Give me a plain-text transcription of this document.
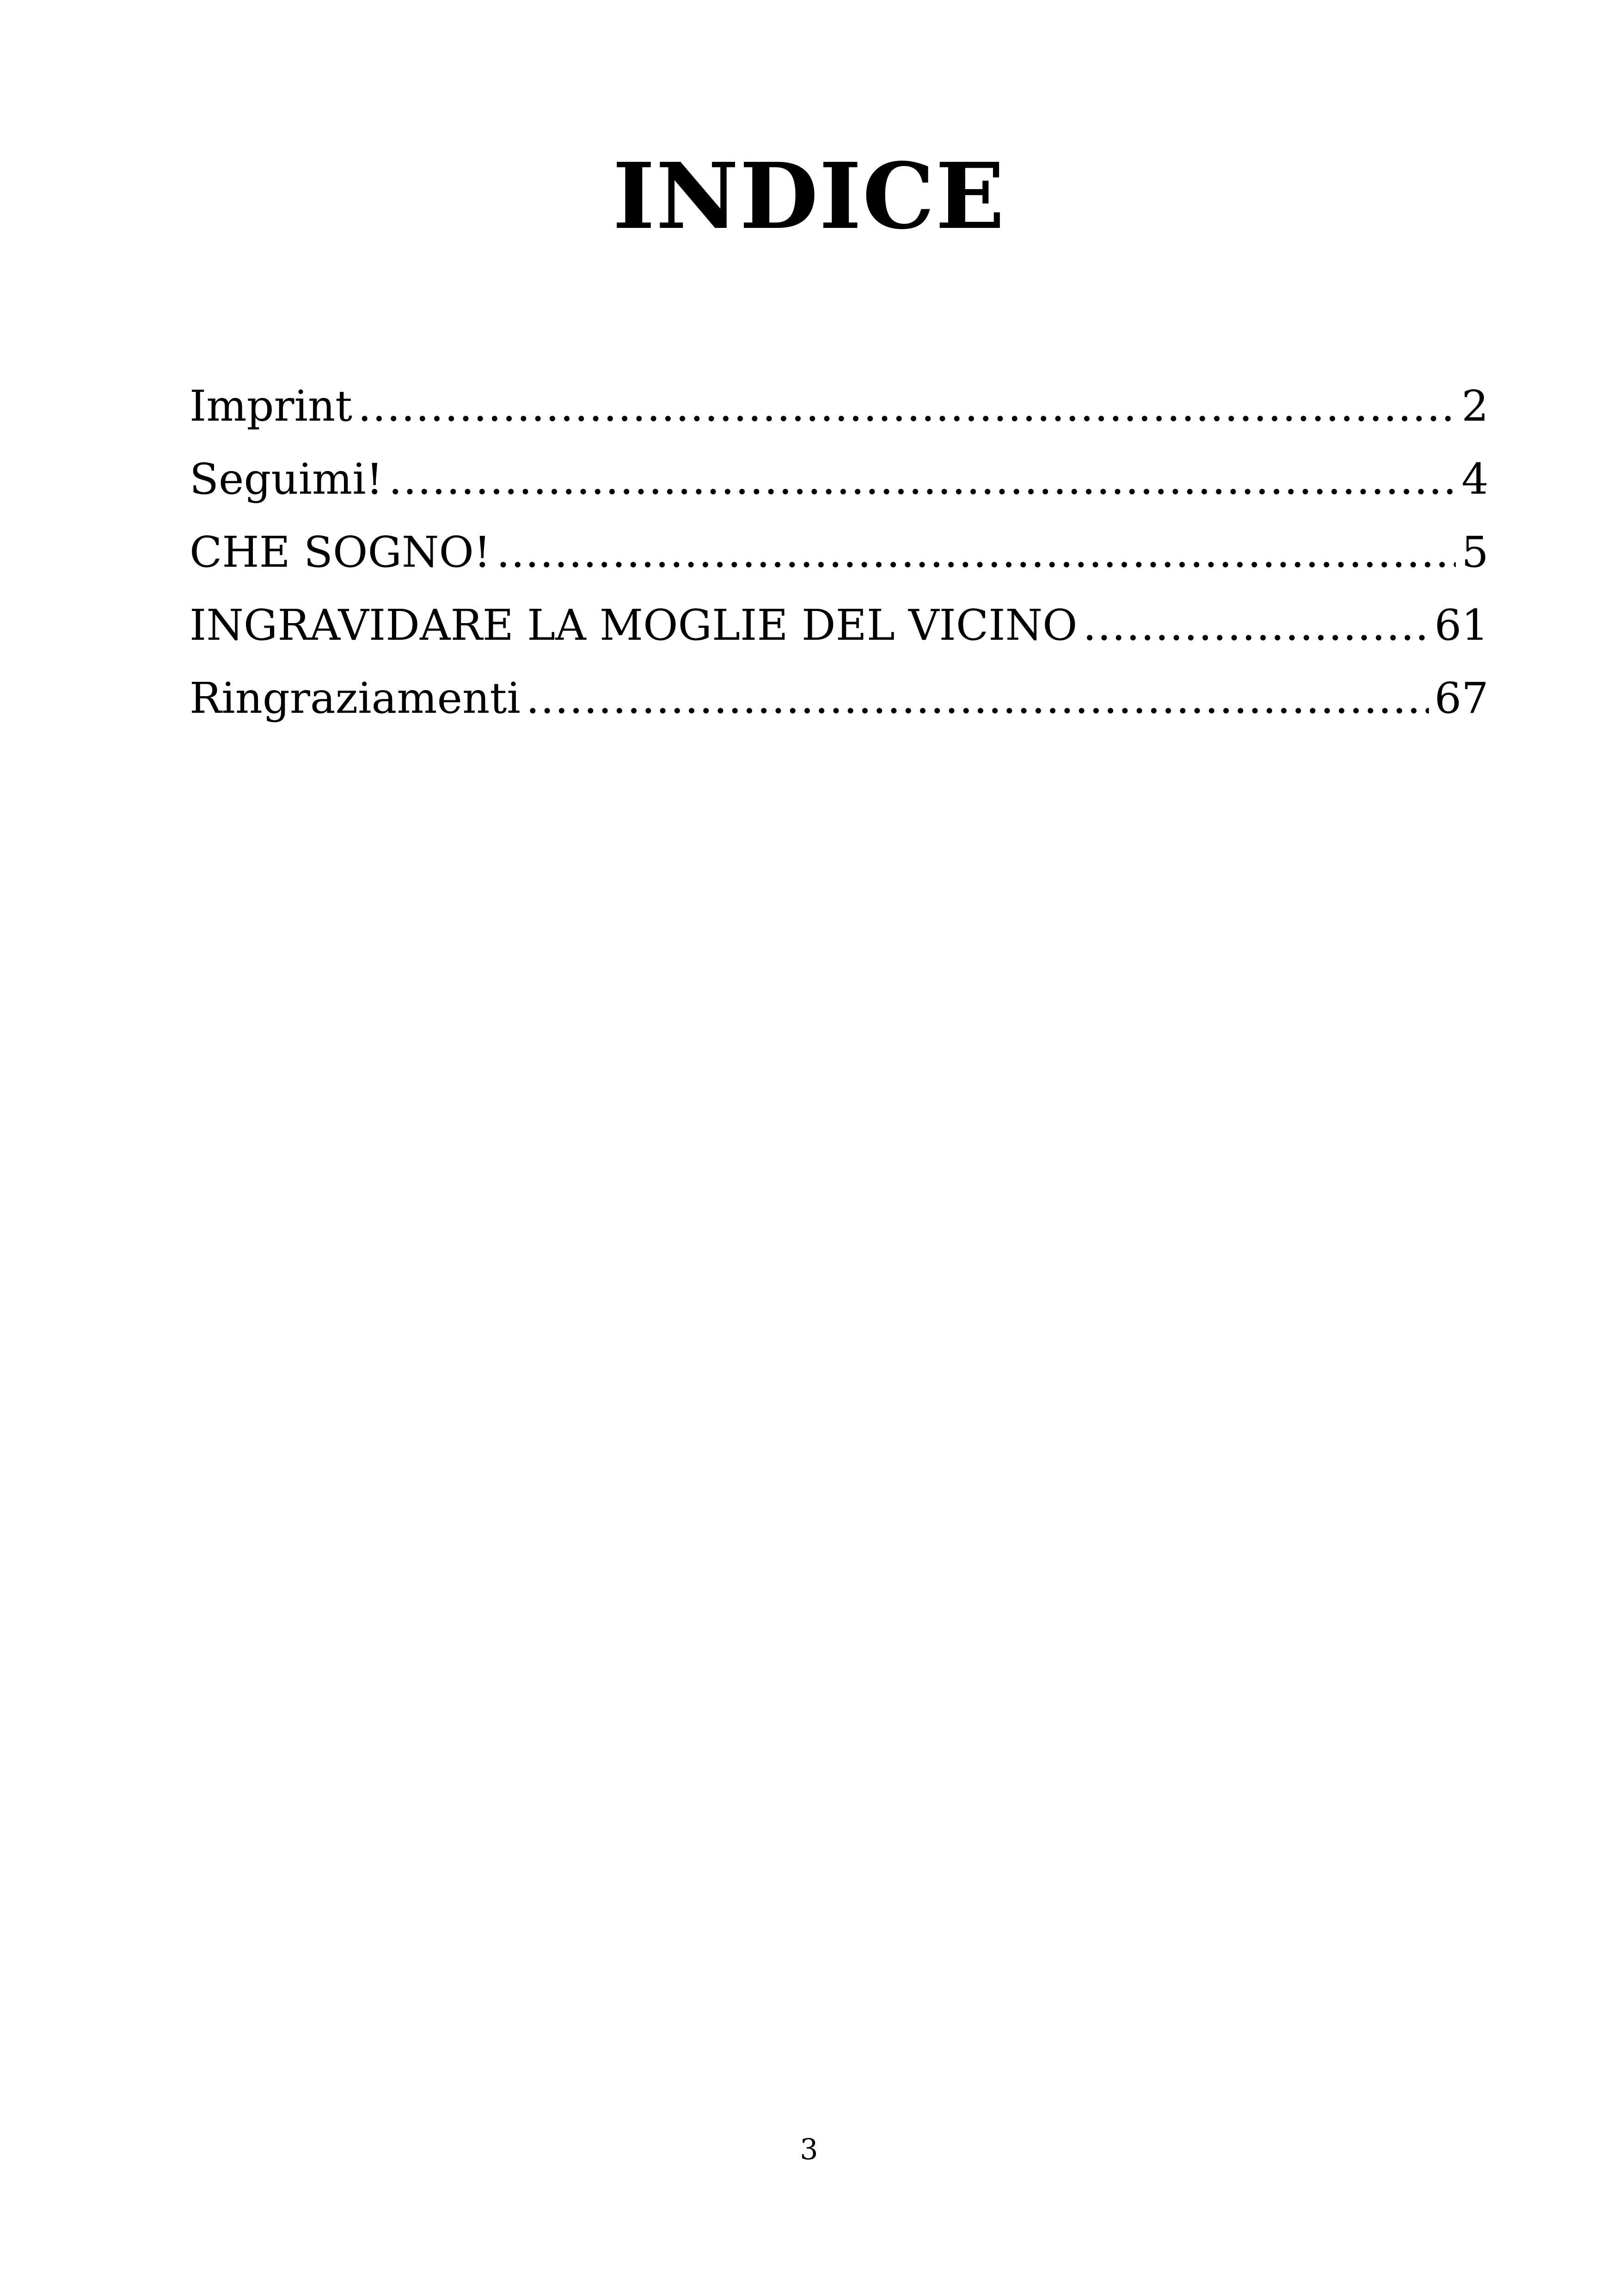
INDICE
Imprint .....	2
Seguimi! .....	4
CHE SOGNO! .....	5
INGRAVIDARE LA MOGLIE DEL VICINO .....	61
Ringraziamenti .....	67
3
